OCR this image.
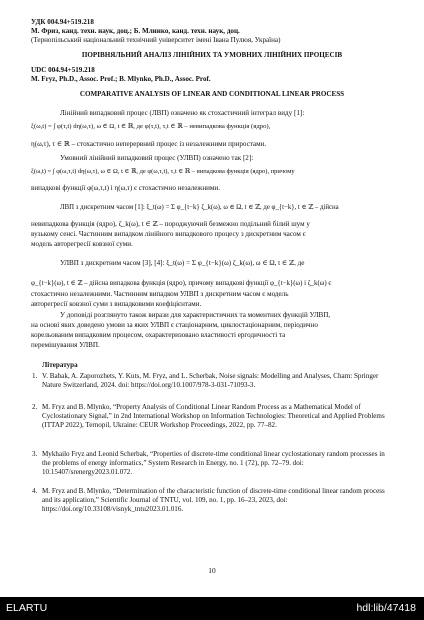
УДК 004.94+519.218
М. Фриз, канд. техн. наук, доц.; Б. Млинко, канд. техн. наук, доц.
(Тернопільський національний технічний університет імені Івана Пулюя, Україна)
ПОРІВНЯЛЬНИЙ АНАЛІЗ ЛІНІЙНИХ ТА УМОВНИХ ЛІНІЙНИХ ПРОЦЕСІВ
UDC 004.94+519.218
M. Fryz, Ph.D., Assoc. Prof.; B. Mlynko, Ph.D., Assoc. Prof.
COMPARATIVE ANALYSIS OF LINEAR AND CONDITIONAL LINEAR PROCESS
Лінійний випадковий процес (ЛВП) означено як стохастичний інтеграл виду [1]:
ξ(ω,t) = ∫ φ(τ,t) dη(ω,τ), ω ∈ Ω, t ∈ ℝ, де φ(τ,t), τ,t ∈ ℝ – невипадкова функція (ядро),
η(ω,τ), τ ∈ ℝ – стохастично неперервний процес із незалежними приростами.
Умовний лінійний випадковий процес (УЛВП) означено так [2]:
ξ(ω,t) = ∫ φ(ω,τ,t) dη(ω,τ), ω ∈ Ω, t ∈ ℝ, де φ(ω,τ,t), τ,t ∈ ℝ – випадкова функція (ядро), причому
випадкові функції φ(ω,τ,t) і η(ω,τ) є стохастично незалежними.
ЛВП з дискретним часом [1]: ξ_t(ω) = Σ φ_{t−k} ζ_k(ω), ω ∈ Ω, t ∈ ℤ, де φ_{t−k}, t ∈ ℤ – дійсна
невипадкова функція (ядро), ζ_k(ω), t ∈ ℤ – породжуючий безмежно подільний білий шум у
вузькому сенсі. Частинним випадком лінійного випадкового процесу з дискретним часом є
модель авторегресії ковзної суми.
УЛВП з дискретним часом [3], [4]: ξ_t(ω) = Σ φ_{t−k}(ω) ζ_k(ω), ω ∈ Ω, t ∈ ℤ, де
φ_{t−k}(ω), t ∈ ℤ – дійсна випадкова функція (ядро), причому випадкові функції φ_{t−k}(ω) і ζ_k(ω) є
стохастично незалежними. Частинним випадком УЛВП з дискретним часом є модель
авторегресії ковзної суми з випадковими коефіцієнтами.
У доповіді розглянуто також вирази для характеристичних та моментних функцій УЛВП,
на основі яких доведено умови за яких УЛВП є стаціонарним, циклостаціонарним, періодично
корельованим випадковим процесом, охарактеризовано властивості ергодичності та
перемішування УЛВП.
Література
1. V. Babak, A. Zaporozhets, Y. Kuts, M. Fryz, and L. Scherbak, Noise signals: Modelling and Analyses, Cham: Springer Nature Switzerland, 2024. doi: https://doi.org/10.1007/978-3-031-71093-3.
2. M. Fryz and B. Mlynko, “Property Analysis of Conditional Linear Random Process as a Mathematical Model of Cyclostationary Signal,” in 2nd International Workshop on Information Technologies: Theoretical and Applied Problems (ITTAP 2022), Ternopil, Ukraine: CEUR Workshop Proceedings, 2022, pp. 77–82.
3. Mykhailo Fryz and Leonid Scherbak, “Properties of discrete-time conditional linear cyclostationary random processes in the problems of energy informatics,” System Research in Energy, no. 1 (72), pp. 72–79. doi: 10.15407/srenergy2023.01.072.
4. M. Fryz and B. Mlynko, “Determination of the characteristic function of discrete-time conditional linear random process and its application,” Scientific Journal of TNTU, vol. 109, no. 1, pp. 16–23, 2023, doi: https://doi.org/10.33108/visnyk_tntu2023.01.016.
10
ELARTU	hdl:lib/47418
